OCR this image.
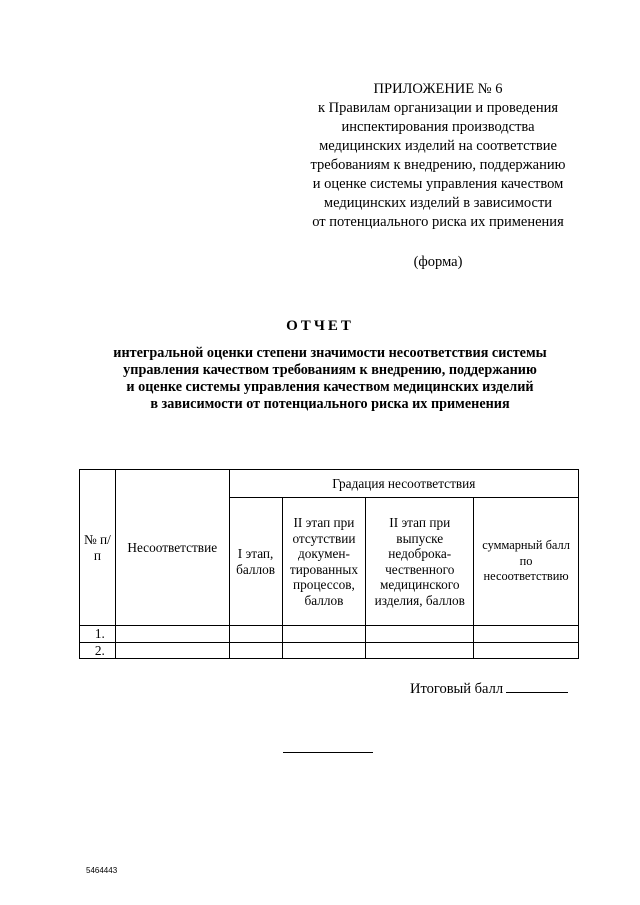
ПРИЛОЖЕНИЕ № 6
к Правилам организации и проведения
инспектирования производства
медицинских изделий на соответствие
требованиям к внедрению, поддержанию
и оценке системы управления качеством
медицинских изделий в зависимости
от потенциального риска их применения
(форма)
ОТЧЕТ
интегральной оценки степени значимости несоответствия системы
управления качеством требованиям к внедрению, поддержанию
и оценке системы управления качеством медицинских изделий
в зависимости от потенциального риска их применения
№ п/п	Несоответствие	Градация несоответствия			
		I этап, баллов	II этап при отсутствии докумен-тированных процессов, баллов	II этап при выпуске недоброка-чественного медицинского изделия, баллов	суммарный балл по несоответствию
1.					
2.					
Итоговый балл
5464443
